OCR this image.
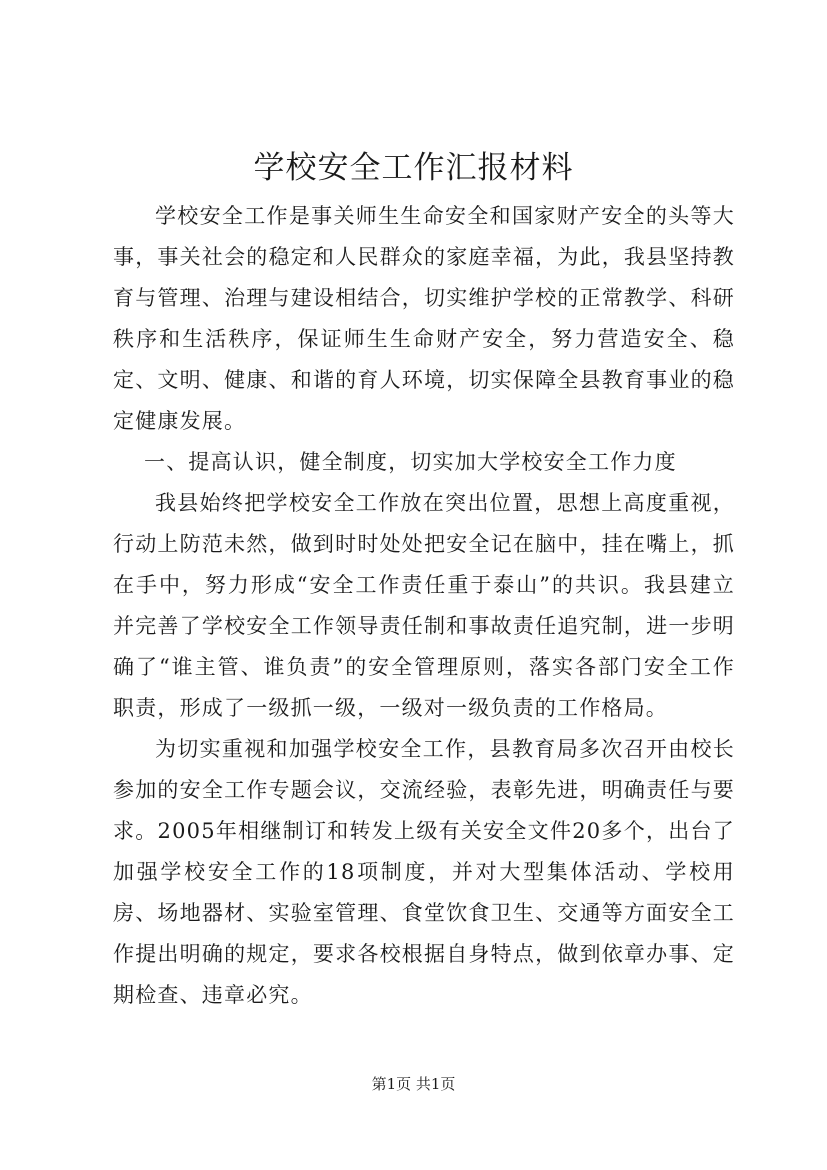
学校安全工作汇报材料

学校安全工作是事关师生生命安全和国家财产安全的头等大事，事关社会的稳定和人民群众的家庭幸福，为此，我县坚持教育与管理、治理与建设相结合，切实维护学校的正常教学、科研秩序和生活秩序，保证师生生命财产安全，努力营造安全、稳定、文明、健康、和谐的育人环境，切实保障全县教育事业的稳定健康发展。

一、提高认识，健全制度，切实加大学校安全工作力度

我县始终把学校安全工作放在突出位置，思想上高度重视，行动上防范未然，做到时时处处把安全记在脑中，挂在嘴上，抓在手中，努力形成“安全工作责任重于泰山”的共识。我县建立并完善了学校安全工作领导责任制和事故责任追究制，进一步明确了“谁主管、谁负责”的安全管理原则，落实各部门安全工作职责，形成了一级抓一级，一级对一级负责的工作格局。

为切实重视和加强学校安全工作，县教育局多次召开由校长参加的安全工作专题会议，交流经验，表彰先进，明确责任与要求。2005年相继制订和转发上级有关安全文件20多个，出台了加强学校安全工作的18项制度，并对大型集体活动、学校用房、场地器材、实验室管理、食堂饮食卫生、交通等方面安全工作提出明确的规定，要求各校根据自身特点，做到依章办事、定期检查、违章必究。

第1页 共1页
